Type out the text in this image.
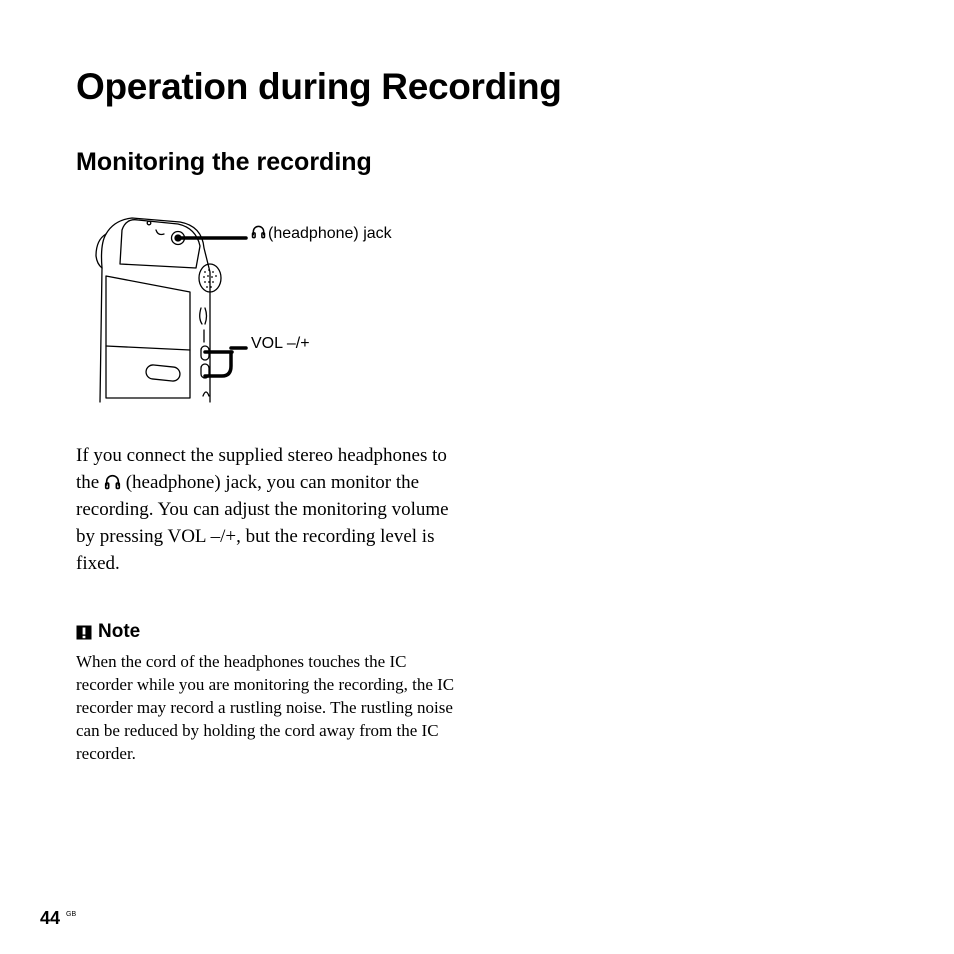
Operation during Recording
Monitoring the recording
(headphone) jack
VOL –/+

If you connect the supplied stereo headphones to the (headphone) jack, you can monitor the recording. You can adjust the monitoring volume by pressing VOL –/+, but the recording level is fixed.

Note

When the cord of the headphones touches the IC recorder while you are monitoring the recording, the IC recorder may record a rustling noise. The rustling noise can be reduced by holding the cord away from the IC recorder.

44 GB
